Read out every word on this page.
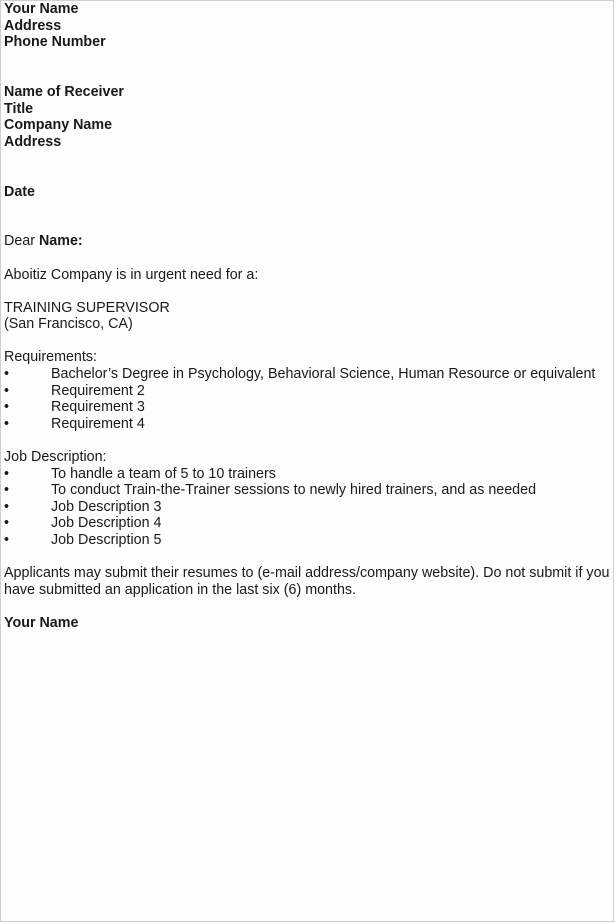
Your Name
Address
Phone Number
Name of Receiver
Title
Company Name
Address
Date
Dear Name:
Aboitiz Company is in urgent need for a:
TRAINING SUPERVISOR
(San Francisco, CA)
Requirements:
•	Bachelor’s Degree in Psychology, Behavioral Science, Human Resource or equivalent
•	Requirement 2
•	Requirement 3
•	Requirement 4
Job Description:
•	To handle a team of 5 to 10 trainers
•	To conduct Train-the-Trainer sessions to newly hired trainers, and as needed
•	Job Description 3
•	Job Description 4
•	Job Description 5
Applicants may submit their resumes to (e-mail address/company website). Do not submit if you
have submitted an application in the last six (6) months.
Your Name
